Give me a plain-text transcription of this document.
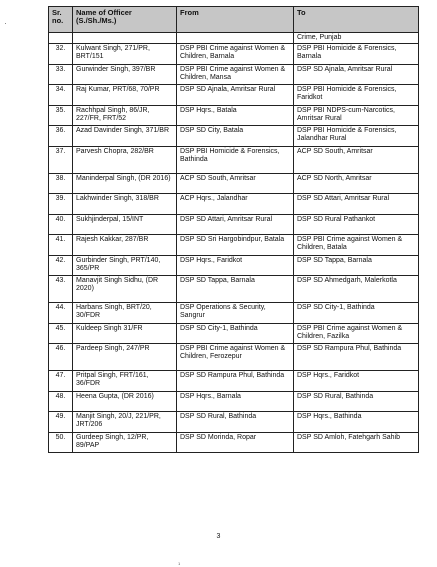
·
Sr. no.	Name of Officer (S./Sh./Ms.)	From	To
			Crime, Punjab
32.	Kulwant Singh, 271/PR, BRT/151	DSP PBI Crime against Women & Children, Barnala	DSP PBI Homicide & Forensics, Barnala
33.	Gurwinder Singh, 397/BR	DSP PBI Crime against Women & Children, Mansa	DSP SD Ajnala, Amritsar Rural
34.	Raj Kumar, PRT/68, 70/PR	DSP SD Ajnala, Amritsar Rural	DSP PBI Homicide & Forensics, Faridkot
35.	Rachhpal Singh, 86/JR, 227/FR, FRT/52	DSP Hqrs., Batala	DSP PBI NDPS-cum-Narcotics, Amritsar Rural
36.	Azad Davinder Singh, 371/BR	DSP SD City, Batala	DSP PBI Homicide & Forensics, Jalandhar Rural
37.	Parvesh Chopra, 282/BR	DSP PBI Homicide & Forensics, Bathinda	ACP SD South, Amritsar
38.	Maninderpal Singh, (DR 2016)	ACP SD South, Amritsar	ACP SD North, Amritsar
39.	Lakhwinder Singh, 318/BR	ACP Hqrs., Jalandhar	DSP SD Attari, Amritsar Rural
40.	Sukhjinderpal, 15/INT	DSP SD Attari, Amritsar Rural	DSP SD Rural Pathankot
41.	Rajesh Kakkar, 287/BR	DSP SD Sri Hargobindpur, Batala	DSP PBI Crime against Women & Children, Batala
42.	Gurbinder Singh, PRT/140, 365/PR	DSP Hqrs., Faridkot	DSP SD Tappa, Barnala
43.	Manavjit Singh Sidhu, (DR 2020)	DSP SD Tappa, Barnala	DSP SD Ahmedgarh, Malerkotla
44.	Harbans Singh, BRT/20, 30/FDR	DSP Operations & Security, Sangrur	DSP SD City-1, Bathinda
45.	Kuldeep Singh 31/FR	DSP SD City-1, Bathinda	DSP PBI Crime against Women & Children, Fazilka
46.	Pardeep Singh, 247/PR	DSP PBI Crime against Women & Children, Ferozepur	DSP SD Rampura Phul, Bathinda
47.	Pritpal Singh, FRT/161, 36/FDR	DSP SD Rampura Phul, Bathinda	DSP Hqrs., Faridkot
48.	Heena Gupta, (DR 2016)	DSP Hqrs., Barnala	DSP SD Rural, Bathinda
49.	Manjit Singh, 20/J, 221/PR, JRT/206	DSP SD Rural, Bathinda	DSP Hqrs., Bathinda
50.	Gurdeep Singh, 12/PR, 89/PAP	DSP SD Morinda, Ropar	DSP SD Amloh, Fatehgarh Sahib
3
1
